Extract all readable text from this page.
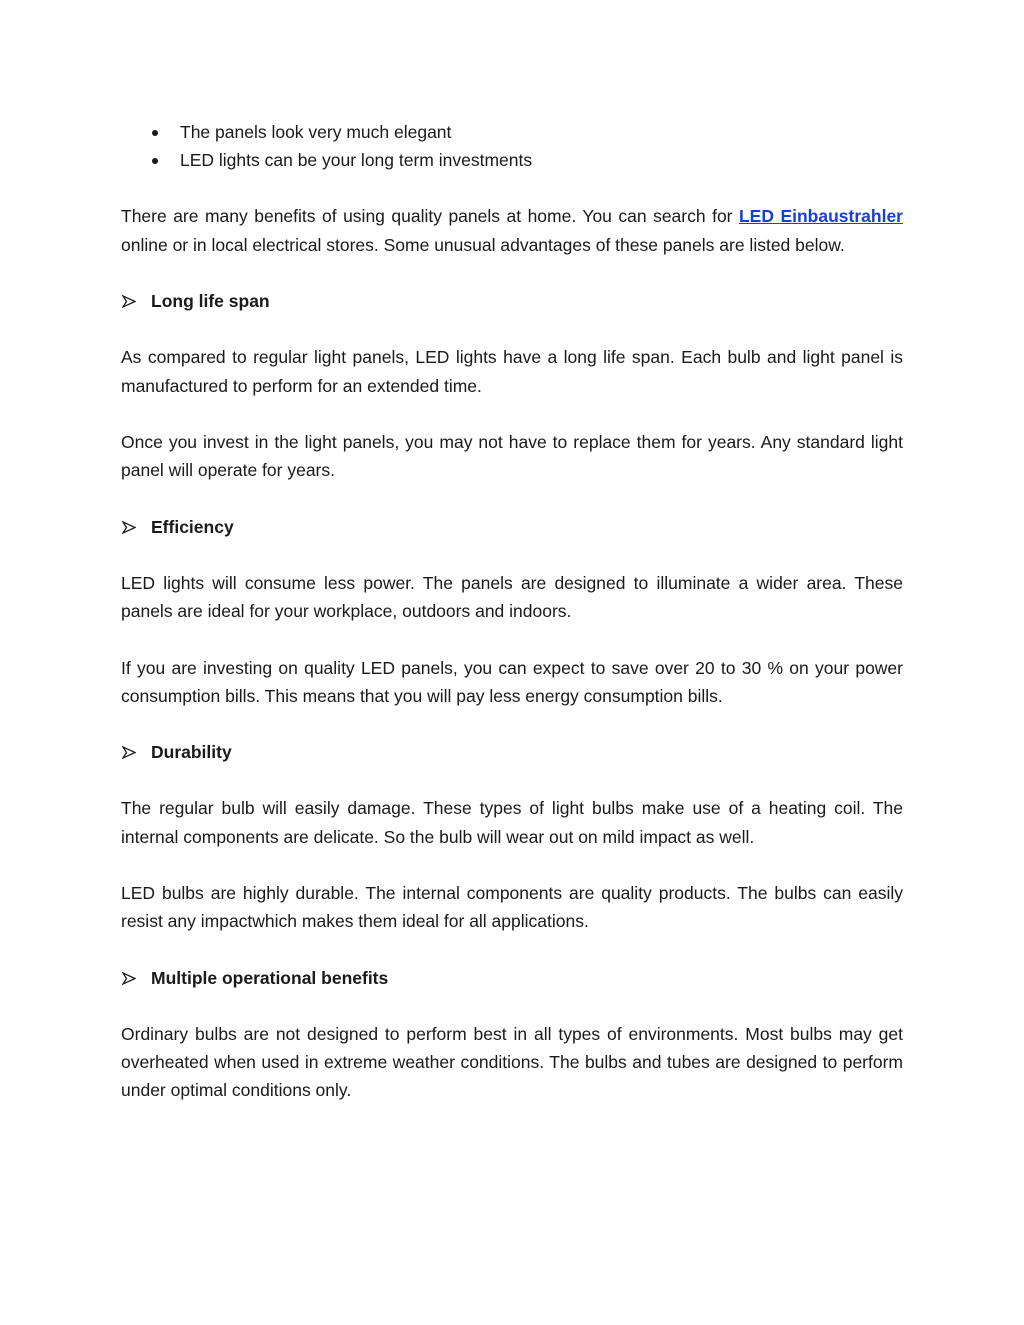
The panels look very much elegant
LED lights can be your long term investments

There are many benefits of using quality panels at home. You can search for LED Einbaustrahler online or in local electrical stores. Some unusual advantages of these panels are listed below.

Long life span

As compared to regular light panels, LED lights have a long life span. Each bulb and light panel is manufactured to perform for an extended time.

Once you invest in the light panels, you may not have to replace them for years. Any standard light panel will operate for years.

Efficiency

LED lights will consume less power. The panels are designed to illuminate a wider area. These panels are ideal for your workplace, outdoors and indoors.

If you are investing on quality LED panels, you can expect to save over 20 to 30 % on your power consumption bills. This means that you will pay less energy consumption bills.

Durability

The regular bulb will easily damage. These types of light bulbs make use of a heating coil. The internal components are delicate. So the bulb will wear out on mild impact as well.

LED bulbs are highly durable. The internal components are quality products. The bulbs can easily resist any impactwhich makes them ideal for all applications.

Multiple operational benefits

Ordinary bulbs are not designed to perform best in all types of environments. Most bulbs may get overheated when used in extreme weather conditions. The bulbs and tubes are designed to perform under optimal conditions only.
